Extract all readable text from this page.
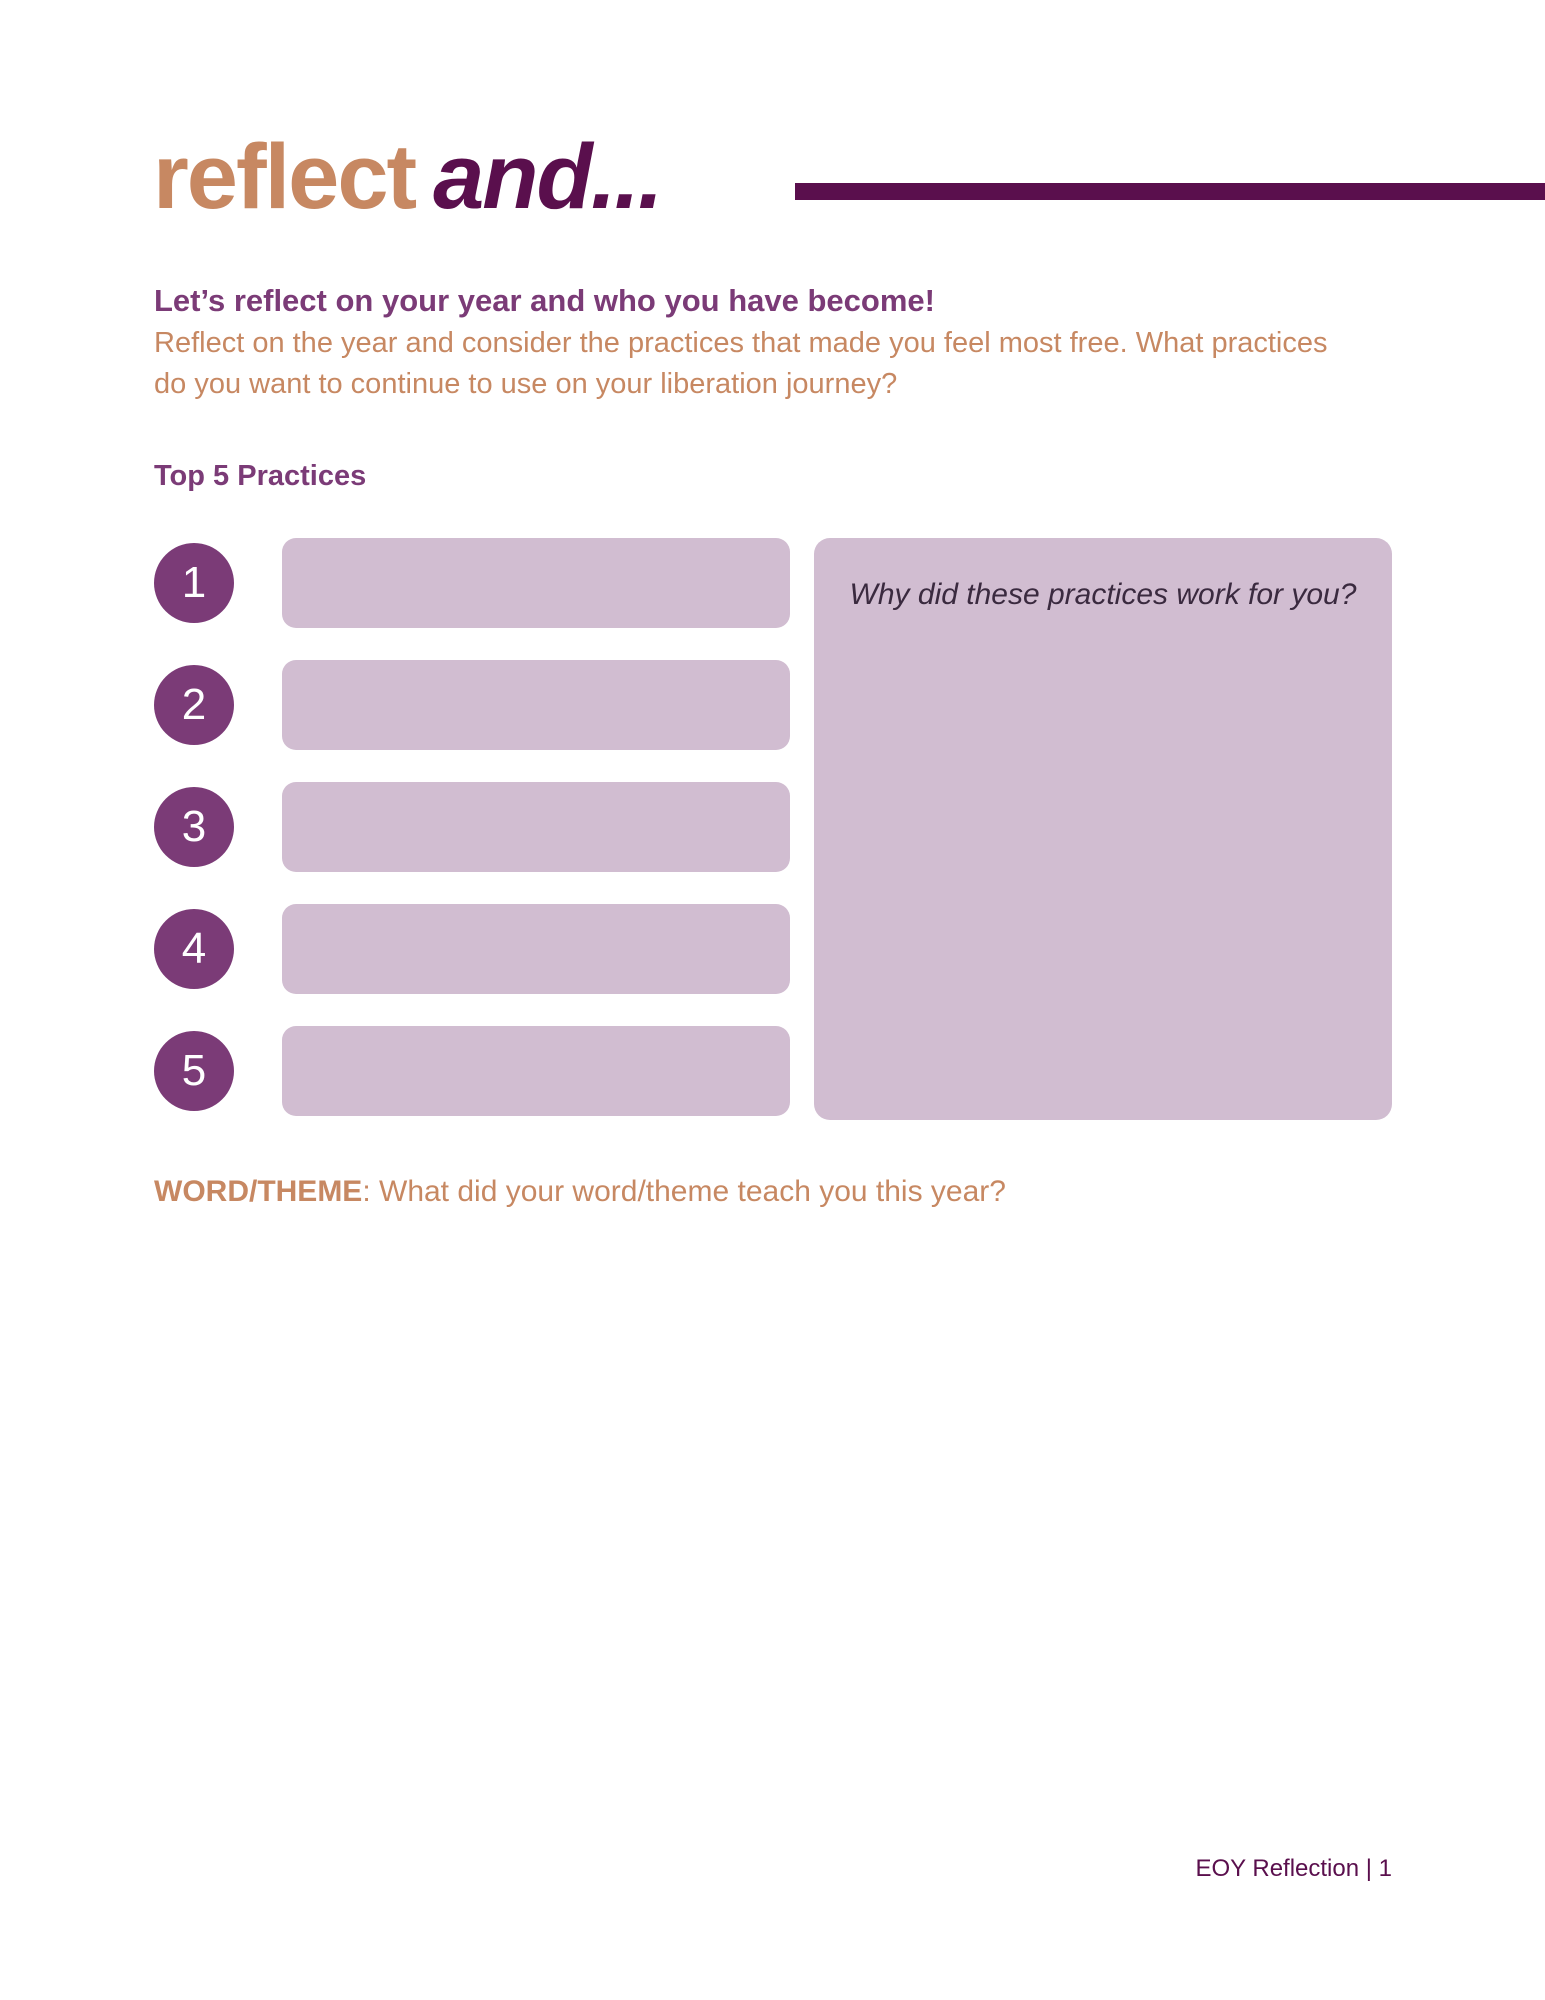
reflect and...
Let’s reflect on your year and who you have become!

Reflect on the year and consider the practices that made you feel most free. What practices do you want to continue to use on your liberation journey?

Top 5 Practices
1
2
3
4
5

Why did these practices work for you?

WORD/THEME: What did your word/theme teach you this year?

EOY Reflection | 1
